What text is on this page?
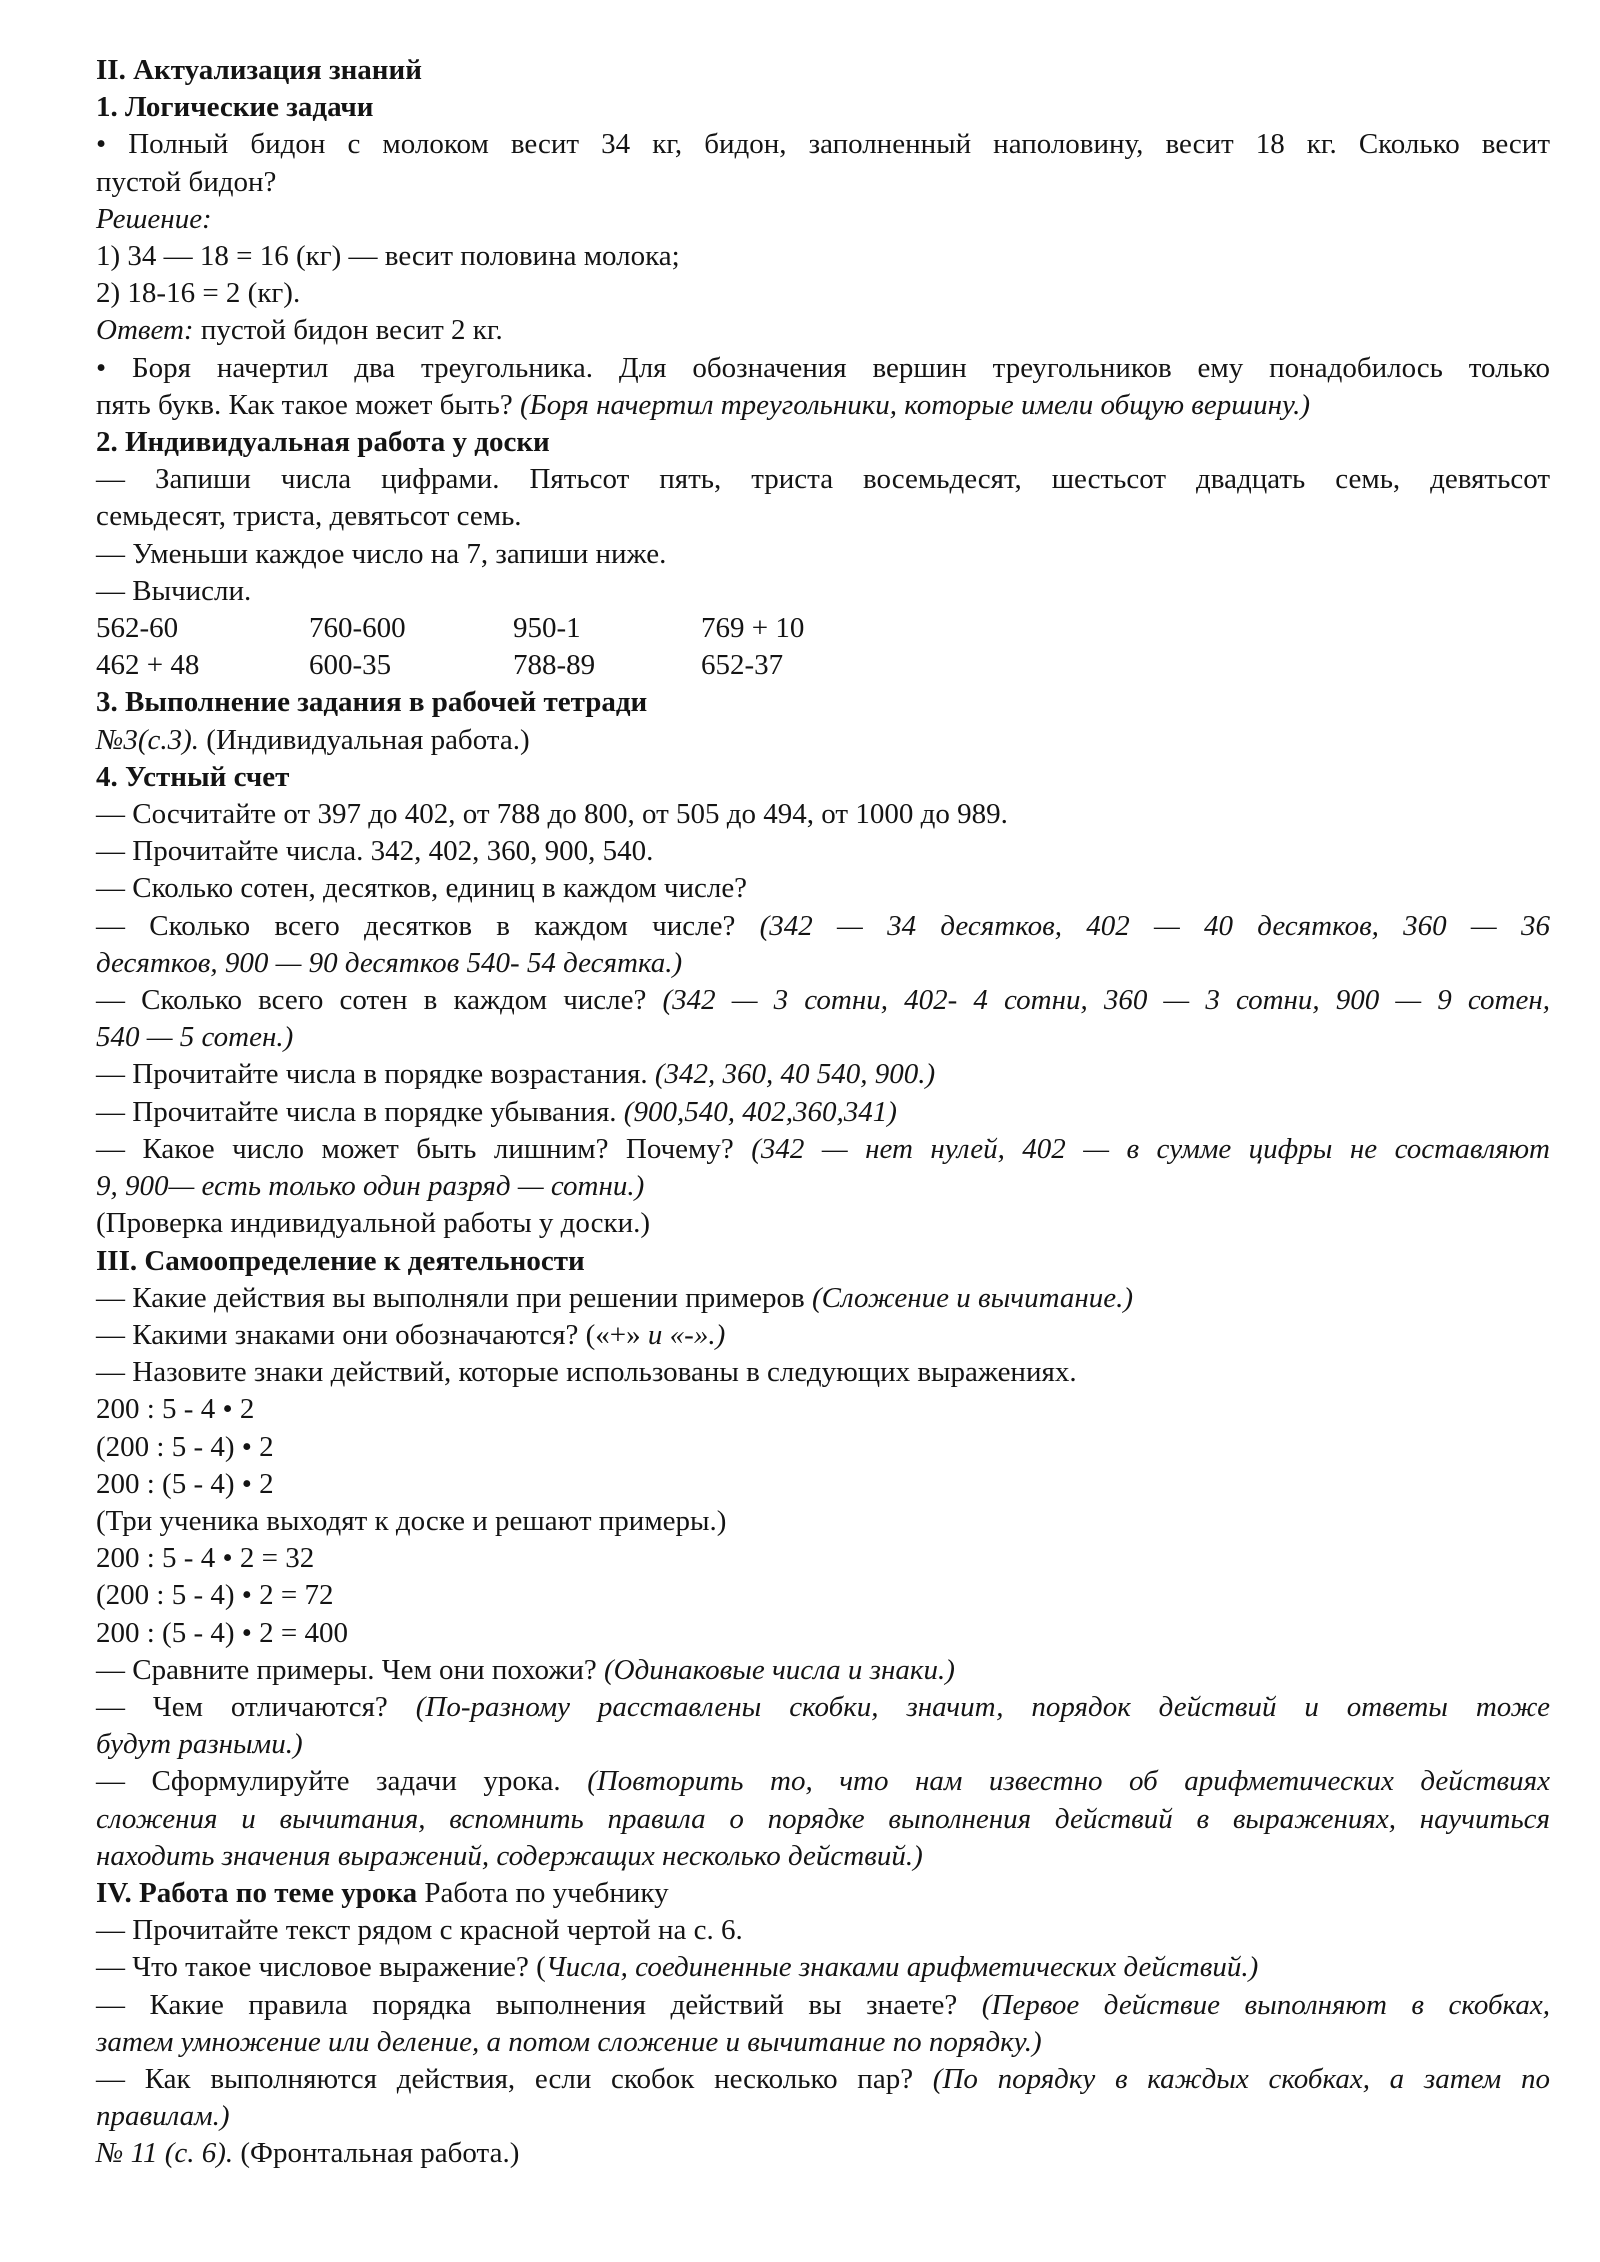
II. Актуализация знаний
1. Логические задачи
• Полный бидон с молоком весит 34 кг, бидон, заполненный наполовину, весит 18 кг. Сколько весит
пустой бидон?
Решение:
1) 34 — 18 = 16 (кг) — весит половина молока;
2) 18-16 = 2 (кг).
Ответ: пустой бидон весит 2 кг.
• Боря начертил два треугольника. Для обозначения вершин треугольников ему понадобилось только
пять букв. Как такое может быть? (Боря начертил треугольники, которые имели общую вершину.)
2. Индивидуальная работа у доски
— Запиши числа цифрами. Пятьсот пять, триста восемьдесят, шестьсот двадцать семь, девятьсот
семьдесят, триста, девятьсот семь.
— Уменьши каждое число на 7, запиши ниже.
— Вычисли.
562-60	760-600	950-1	769 + 10
462 + 48	600-35	788-89	652-37
3. Выполнение задания в рабочей тетради
№3(с.3). (Индивидуальная работа.)
4. Устный счет
— Сосчитайте от 397 до 402, от 788 до 800, от 505 до 494, от 1000 до 989.
— Прочитайте числа. 342, 402, 360, 900, 540.
— Сколько сотен, десятков, единиц в каждом числе?
— Сколько всего десятков в каждом числе? (342 — 34 десятков, 402 — 40 десятков, 360 — 36
десятков, 900 — 90 десятков 540- 54 десятка.)
— Сколько всего сотен в каждом числе? (342 — 3 сотни, 402- 4 сотни, 360 — 3 сотни, 900 — 9 сотен,
540 — 5 сотен.)
— Прочитайте числа в порядке возрастания. (342, 360, 40 540, 900.)
— Прочитайте числа в порядке убывания. (900,540, 402,360,341)
— Какое число может быть лишним? Почему? (342 — нет нулей, 402 — в сумме цифры не составляют
9, 900— есть только один разряд — сотни.)
(Проверка индивидуальной работы у доски.)
III. Самоопределение к деятельности
— Какие действия вы выполняли при решении примеров (Сложение и вычитание.)
— Какими знаками они обозначаются? («+» и «-».)
— Назовите знаки действий, которые использованы в следующих выражениях.
200 : 5 - 4 • 2
(200 : 5 - 4) • 2
200 : (5 - 4) • 2
(Три ученика выходят к доске и решают примеры.)
200 : 5 - 4 • 2 = 32
(200 : 5 - 4) • 2 = 72
200 : (5 - 4) • 2 = 400
— Сравните примеры. Чем они похожи? (Одинаковые числа и знаки.)
— Чем отличаются? (По-разному расставлены скобки, значит, порядок действий и ответы тоже
будут разными.)
— Сформулируйте задачи урока. (Повторить то, что нам известно об арифметических действиях
сложения и вычитания, вспомнить правила о порядке выполнения действий в выражениях, научиться
находить значения выражений, содержащих несколько действий.)
IV. Работа по теме урока Работа по учебнику
— Прочитайте текст рядом с красной чертой на с. 6.
— Что такое числовое выражение? (Числа, соединенные знаками арифметических действий.)
— Какие правила порядка выполнения действий вы знаете? (Первое действие выполняют в скобках,
затем умножение или деление, а потом сложение и вычитание по порядку.)
— Как выполняются действия, если скобок несколько пар? (По порядку в каждых скобках, а затем по
правилам.)
№ 11 (с. 6). (Фронтальная работа.)
